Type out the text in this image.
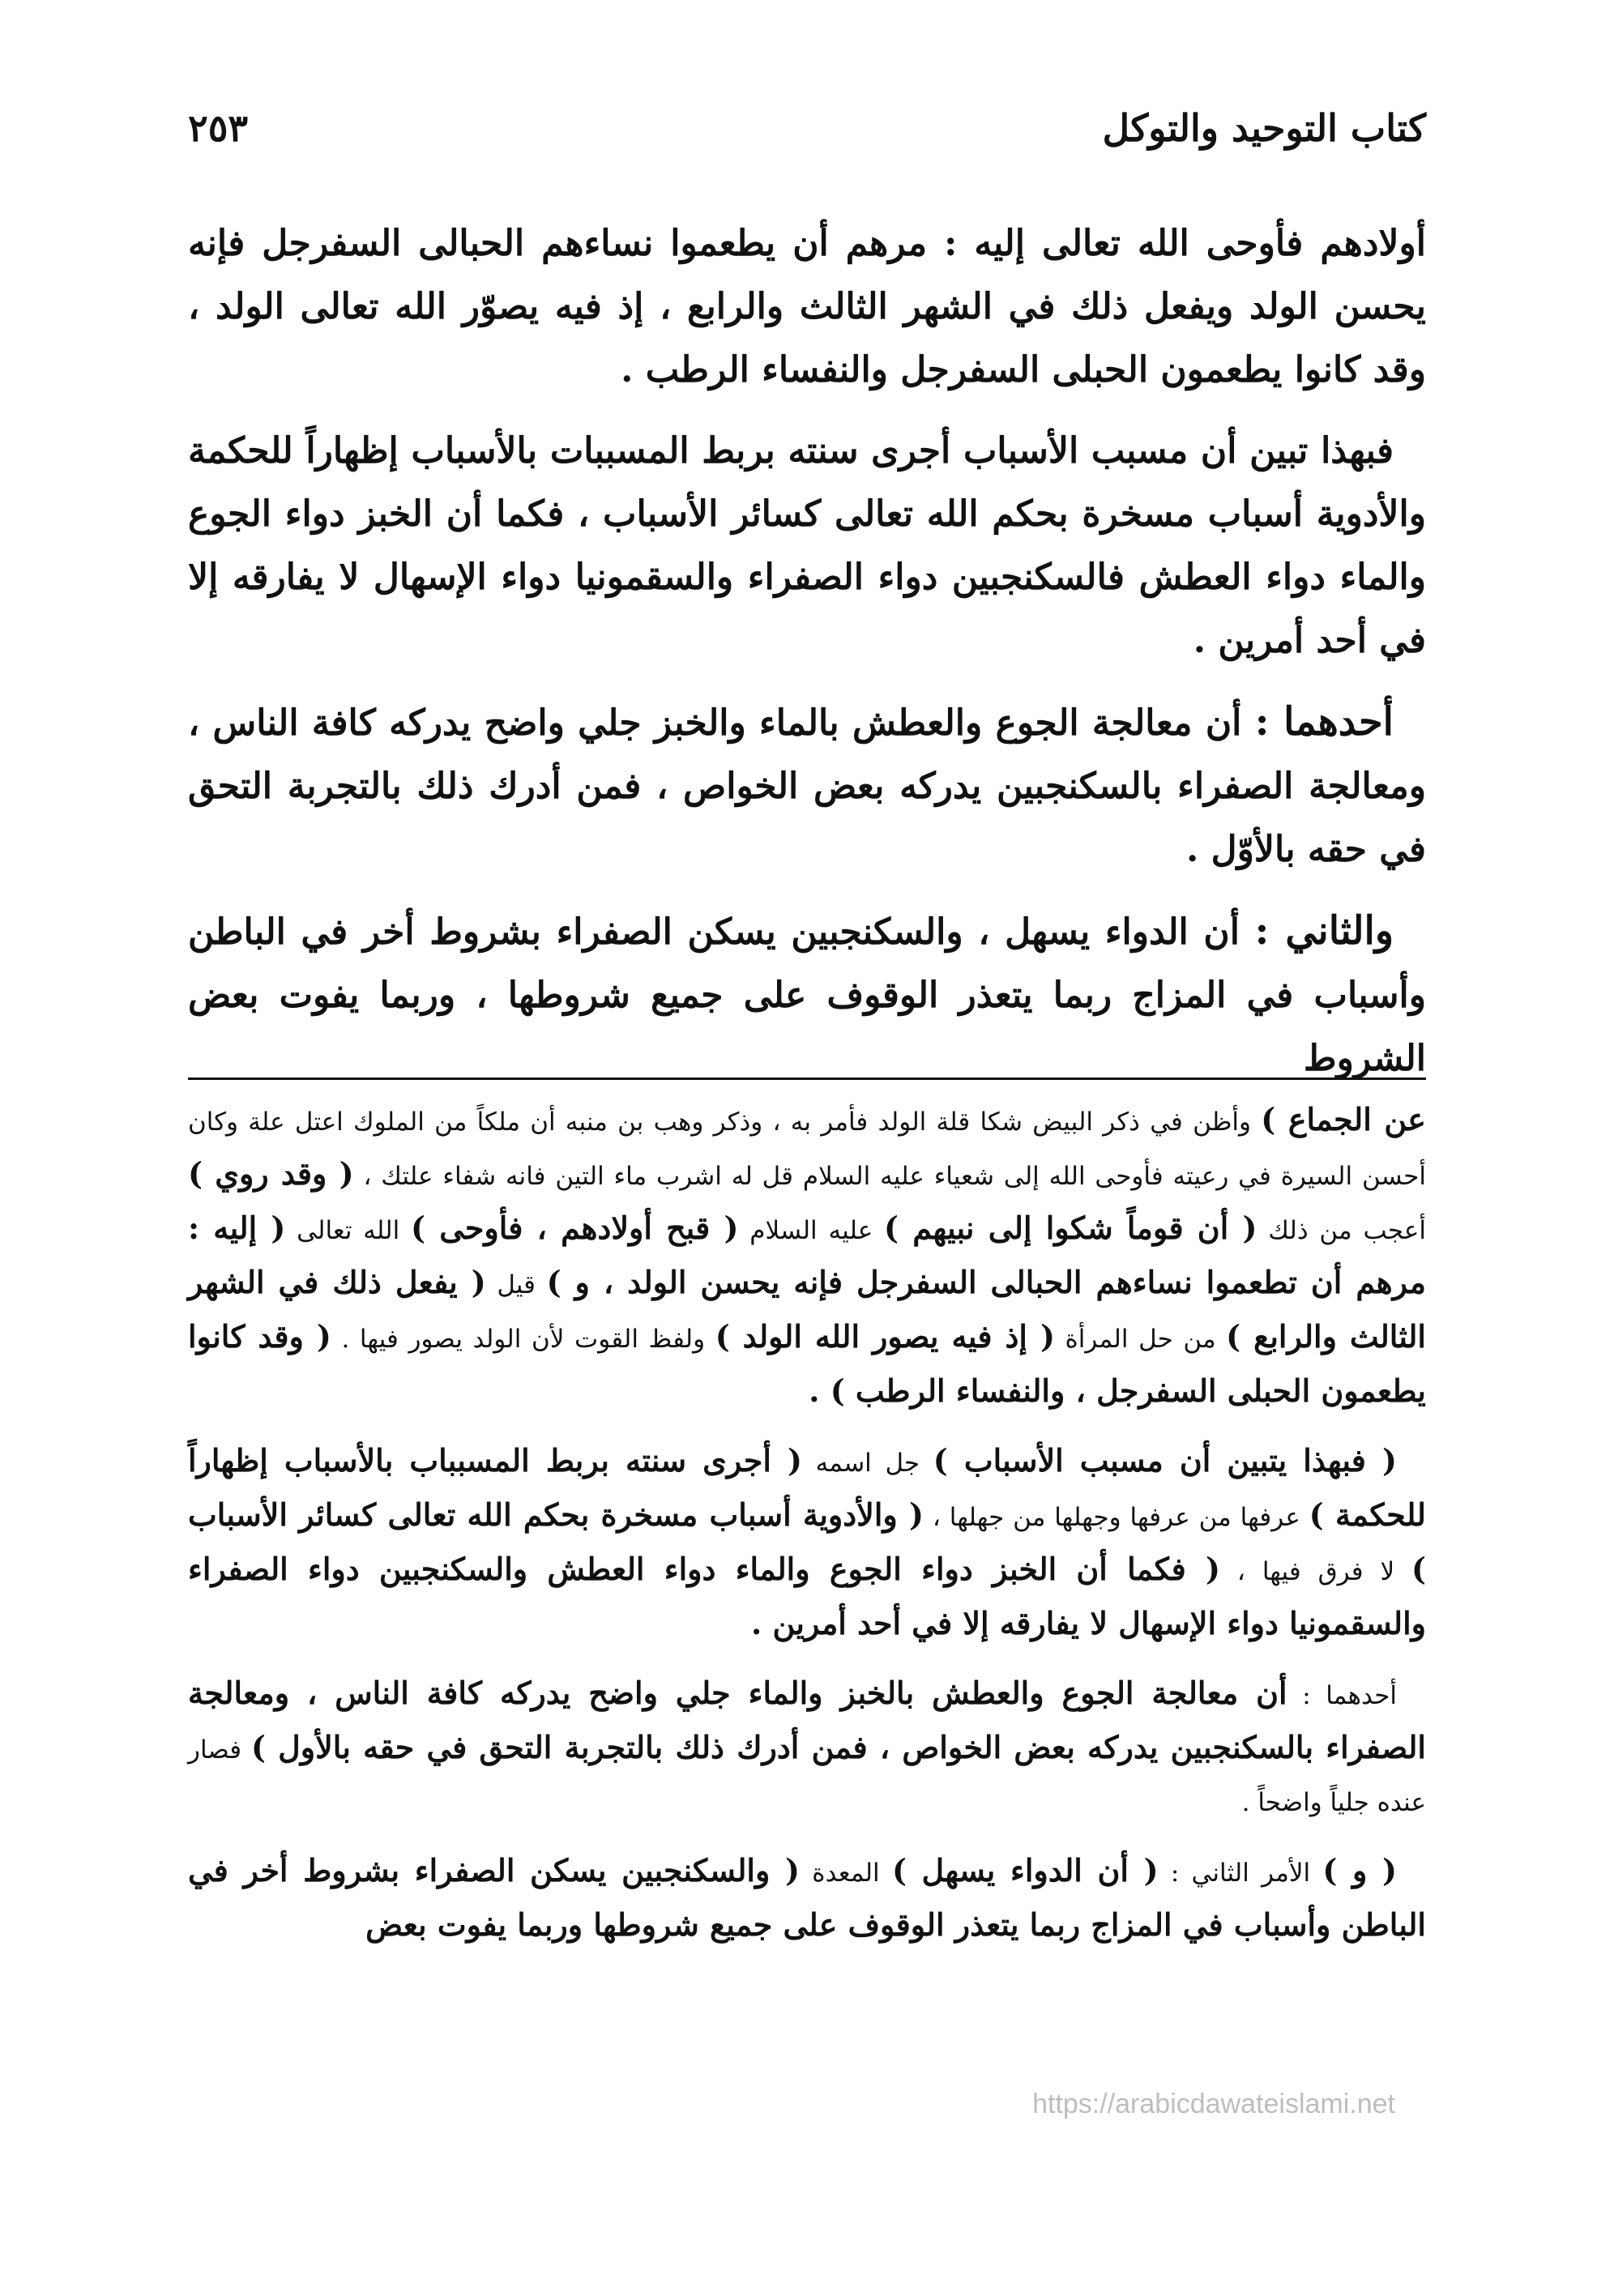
كتاب التوحيد والتوكل
٢٥٣

أولادهم فأوحى الله تعالى إليه : مرهم أن يطعموا نساءهم الحبالى السفرجل فإنه يحسن الولد ويفعل ذلك في الشهر الثالث والرابع ، إذ فيه يصوّر الله تعالى الولد ، وقد كانوا يطعمون الحبلى السفرجل والنفساء الرطب .

فبهذا تبين أن مسبب الأسباب أجرى سنته بربط المسببات بالأسباب إظهاراً للحكمة والأدوية أسباب مسخرة بحكم الله تعالى كسائر الأسباب ، فكما أن الخبز دواء الجوع والماء دواء العطش فالسكنجبين دواء الصفراء والسقمونيا دواء الإسهال لا يفارقه إلا في أحد أمرين .

أحدهما : أن معالجة الجوع والعطش بالماء والخبز جلي واضح يدركه كافة الناس ، ومعالجة الصفراء بالسكنجبين يدركه بعض الخواص ، فمن أدرك ذلك بالتجربة التحق في حقه بالأوّل .

والثاني : أن الدواء يسهل ، والسكنجبين يسكن الصفراء بشروط أخر في الباطن وأسباب في المزاج ربما يتعذر الوقوف على جميع شروطها ، وربما يفوت بعض الشروط

عن الجماع ) وأظن في ذكر البيض شكا قلة الولد فأمر به ، وذكر وهب بن منبه أن ملكاً من الملوك اعتل علة وكان أحسن السيرة في رعيته فأوحى الله إلى شعياء عليه السلام قل له اشرب ماء التين فانه شفاء علتك ، ( وقد روي ) أعجب من ذلك ( أن قوماً شكوا إلى نبيهم ) عليه السلام ( قبح أولادهم ، فأوحى ) الله تعالى ( إليه : مرهم أن تطعموا نساءهم الحبالى السفرجل فإنه يحسن الولد ، و ) قيل ( يفعل ذلك في الشهر الثالث والرابع ) من حل المرأة ( إذ فيه يصور الله الولد ) ولفظ القوت لأن الولد يصور فيها . ( وقد كانوا يطعمون الحبلى السفرجل ، والنفساء الرطب ) .

( فبهذا يتبين أن مسبب الأسباب ) جل اسمه ( أجرى سنته بربط المسبباب بالأسباب إظهاراً للحكمة ) عرفها من عرفها وجهلها من جهلها ، ( والأدوية أسباب مسخرة بحكم الله تعالى كسائر الأسباب ) لا فرق فيها ، ( فكما أن الخبز دواء الجوع والماء دواء العطش والسكنجبين دواء الصفراء والسقمونيا دواء الإسهال لا يفارقه إلا في أحد أمرين .

أحدهما : أن معالجة الجوع والعطش بالخبز والماء جلي واضح يدركه كافة الناس ، ومعالجة الصفراء بالسكنجبين يدركه بعض الخواص ، فمن أدرك ذلك بالتجربة التحق في حقه بالأول ) فصار عنده جلياً واضحاً .

( و ) الأمر الثاني : ( أن الدواء يسهل ) المعدة ( والسكنجبين يسكن الصفراء بشروط أخر في الباطن وأسباب في المزاج ربما يتعذر الوقوف على جميع شروطها وربما يفوت بعض

https://arabicdawateislami.net
